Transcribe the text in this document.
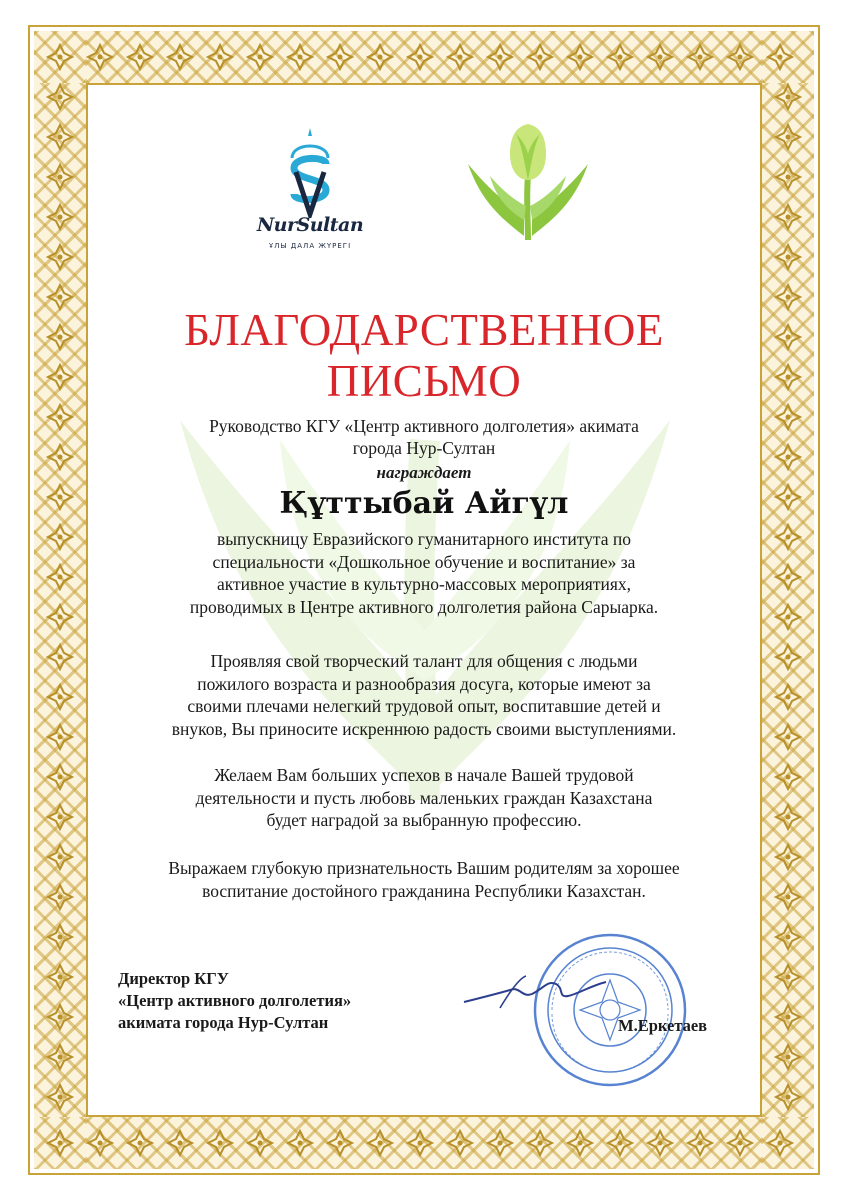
NurSultan
ҰЛЫ ДАЛА ЖҮРЕГІ
БЛАГОДАРСТВЕННОЕ
ПИСЬМО
Руководство КГУ «Центр активного долголетия» акимата
города Нур-Султан
награждает
Құттыбай Айгүл
выпускницу Евразийского гуманитарного института по
специальности «Дошкольное обучение и воспитание» за
активное участие в культурно-массовых мероприятиях,
проводимых в Центре активного долголетия района Сарыарка.
Проявляя свой творческий талант для общения с людьми
пожилого возраста и разнообразия досуга, которые имеют за
своими плечами нелегкий трудовой опыт, воспитавшие детей и
внуков, Вы приносите искреннюю радость своими выступлениями.
Желаем Вам больших успехов в начале Вашей трудовой
деятельности и пусть любовь маленьких граждан Казахстана
будет наградой за выбранную профессию.
Выражаем глубокую признательность Вашим родителям за хорошее
воспитание достойного гражданина Республики Казахстан.
Директор КГУ
«Центр активного долголетия»
акимата города Нур-Султан	М.Еркетаев
